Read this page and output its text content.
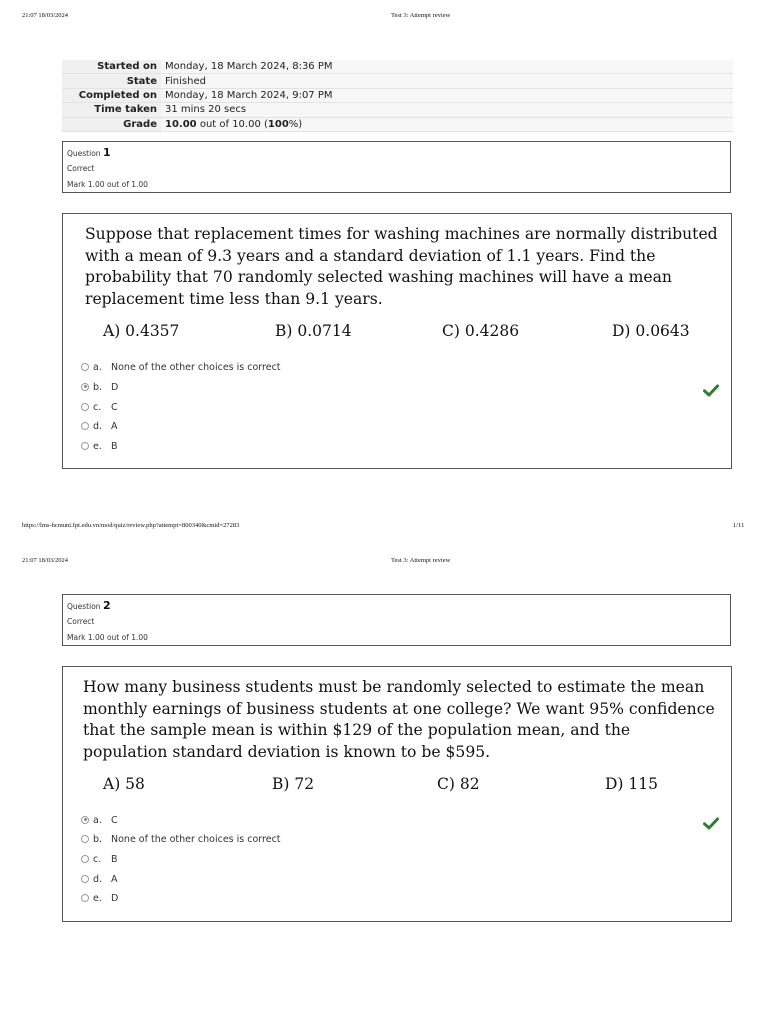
21:07 18/03/2024	Test 3: Attempt review
Started on	Monday, 18 March 2024, 8:36 PM
State	Finished
Completed on	Monday, 18 March 2024, 9:07 PM
Time taken	31 mins 20 secs
Grade	10.00 out of 10.00 (100%)
Question 1
Correct
Mark 1.00 out of 1.00
Suppose that replacement times for washing machines are normally distributed with a mean of 9.3 years and a standard deviation of 1.1 years. Find the probability that 70 randomly selected washing machines will have a mean replacement time less than 9.1 years.
A) 0.4357	B) 0.0714	C) 0.4286	D) 0.0643
a. None of the other choices is correct
b. D
c. C
d. A
e. B
https://lms-hcmuni.fpt.edu.vn/mod/quiz/review.php?attempt=800340&cmid=27283	1/11
21:07 18/03/2024	Test 3: Attempt review
Question 2
Correct
Mark 1.00 out of 1.00
How many business students must be randomly selected to estimate the mean monthly earnings of business students at one college? We want 95% confidence that the sample mean is within $129 of the population mean, and the population standard deviation is known to be $595.
A) 58	B) 72	C) 82	D) 115
a. C
b. None of the other choices is correct
c. B
d. A
e. D
